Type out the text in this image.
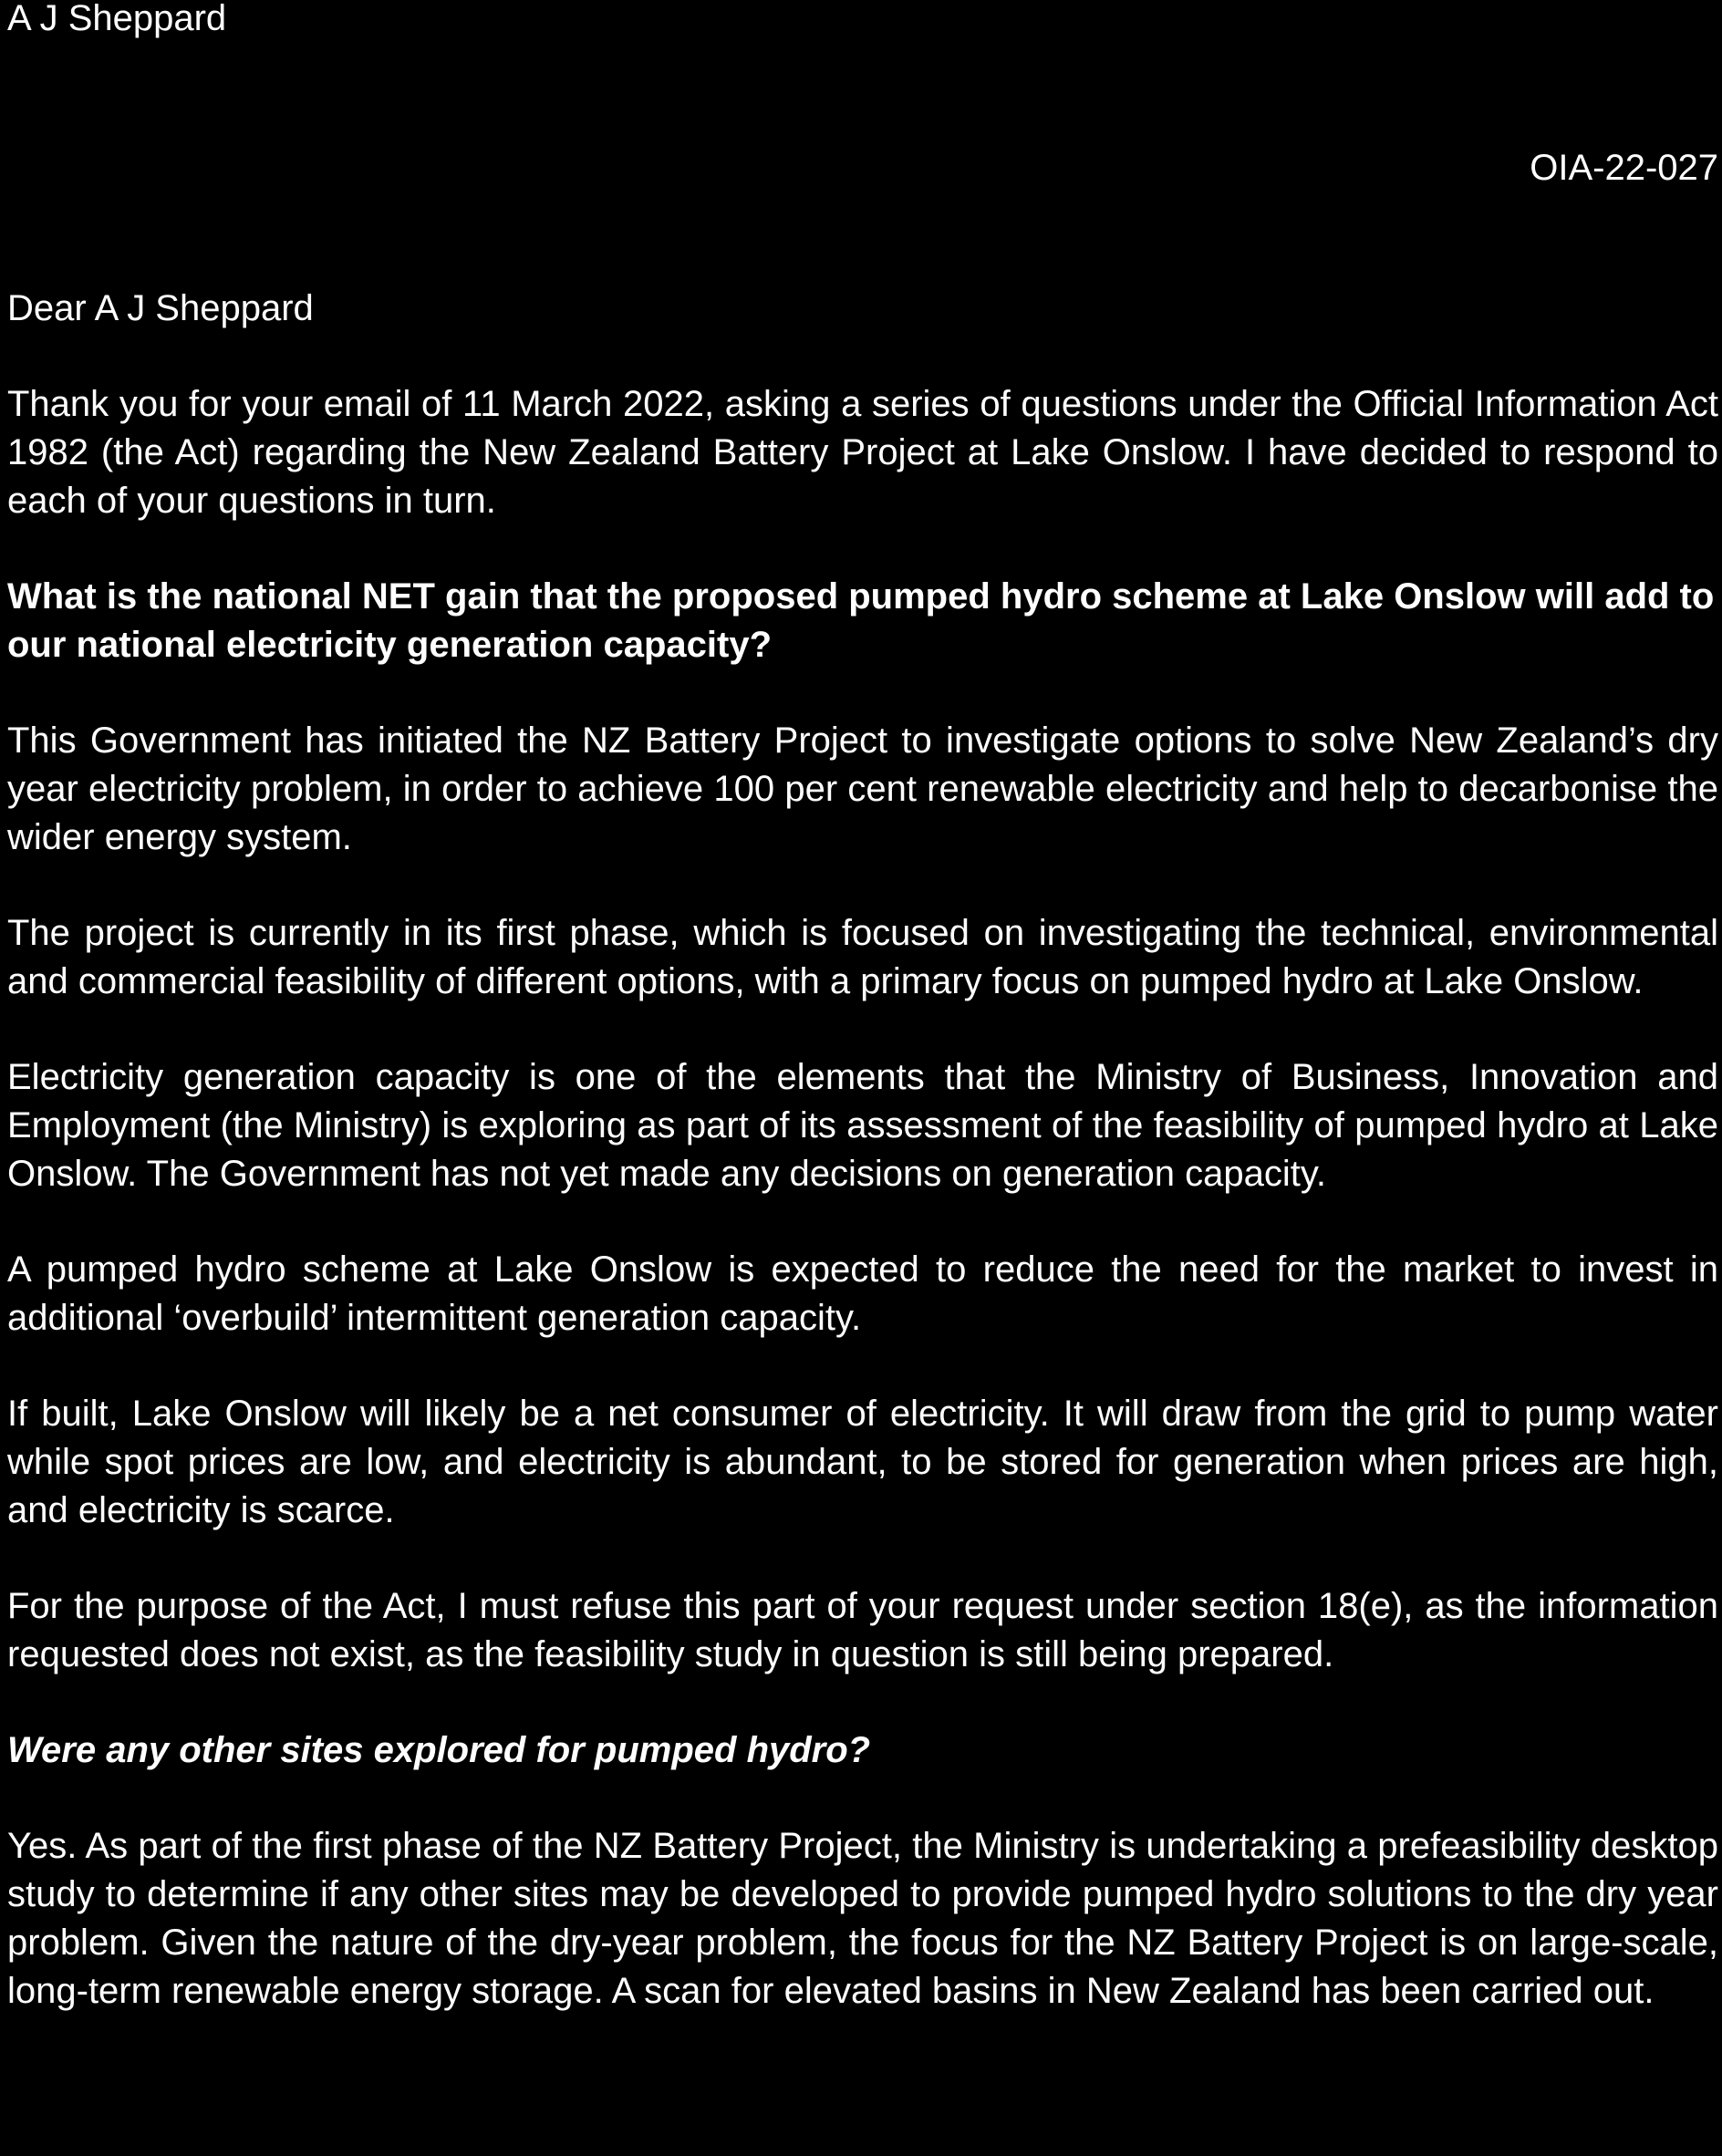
A J Sheppard

OIA-22-027

Dear A J Sheppard

Thank you for your email of 11 March 2022, asking a series of questions under the Official Information Act 1982 (the Act) regarding the New Zealand Battery Project at Lake Onslow. I have decided to respond to each of your questions in turn.

What is the national NET gain that the proposed pumped hydro scheme at Lake Onslow will add to our national electricity generation capacity?

This Government has initiated the NZ Battery Project to investigate options to solve New Zealand’s dry year electricity problem, in order to achieve 100 per cent renewable electricity and help to decarbonise the wider energy system.

The project is currently in its first phase, which is focused on investigating the technical, environmental and commercial feasibility of different options, with a primary focus on pumped hydro at Lake Onslow.

Electricity generation capacity is one of the elements that the Ministry of Business, Innovation and Employment (the Ministry) is exploring as part of its assessment of the feasibility of pumped hydro at Lake Onslow. The Government has not yet made any decisions on generation capacity.

A pumped hydro scheme at Lake Onslow is expected to reduce the need for the market to invest in additional ‘overbuild’ intermittent generation capacity.

If built, Lake Onslow will likely be a net consumer of electricity. It will draw from the grid to pump water while spot prices are low, and electricity is abundant, to be stored for generation when prices are high, and electricity is scarce.

For the purpose of the Act, I must refuse this part of your request under section 18(e), as the information requested does not exist, as the feasibility study in question is still being prepared.

Were any other sites explored for pumped hydro?

Yes. As part of the first phase of the NZ Battery Project, the Ministry is undertaking a prefeasibility desktop study to determine if any other sites may be developed to provide pumped hydro solutions to the dry year problem. Given the nature of the dry-year problem, the focus for the NZ Battery Project is on large-scale, long-term renewable energy storage. A scan for elevated basins in New Zealand has been carried out.
